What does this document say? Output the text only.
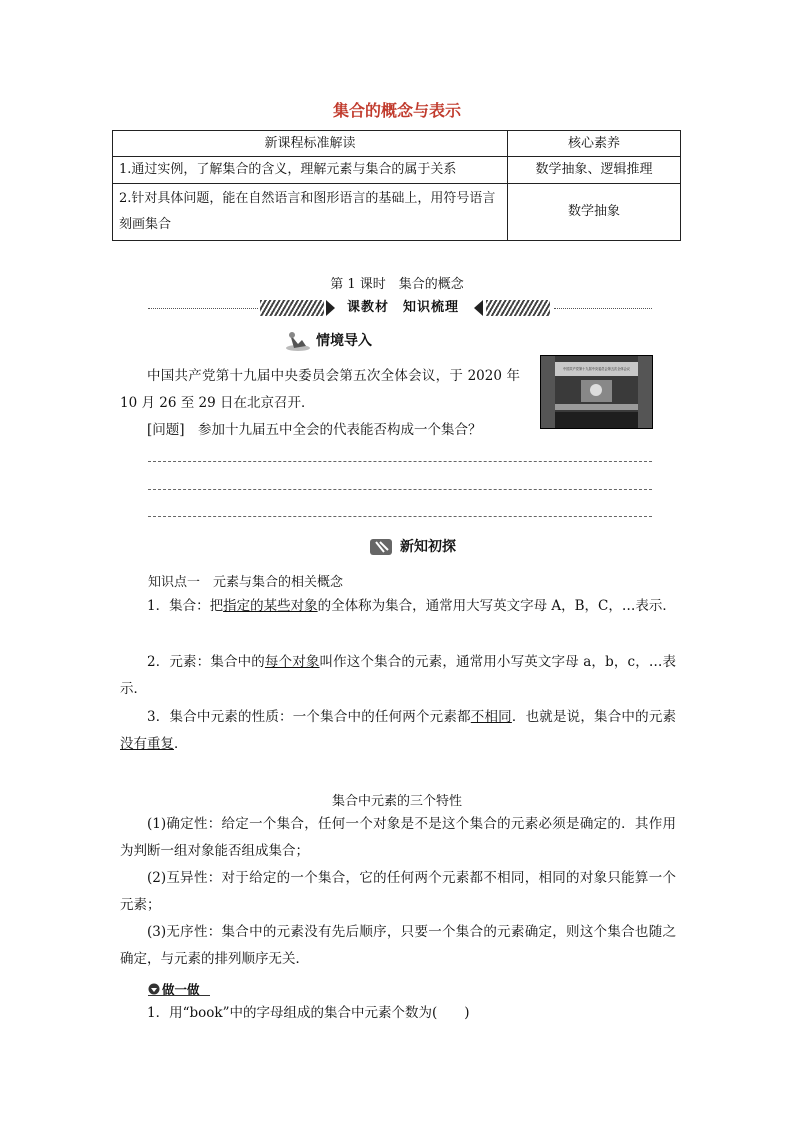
集合的概念与表示
新课程标准解读	核心素养
1.通过实例，了解集合的含义，理解元素与集合的属于关系	数学抽象、逻辑推理
2.针对具体问题，能在自然语言和图形语言的基础上，用符号语言刻画集合	数学抽象
第 1 课时　集合的概念
课教材　知识梳理
情境导入

中国共产党第十九届中央委员会第五次全体会议，于 2020 年 10 月 26 至 29 日在北京召开．

中国共产党第十九届中央委员会第五次全体会议

[问题]　参加十九届五中全会的代表能否构成一个集合？

新知初探
知识点一　元素与集合的相关概念

1．集合：把指定的某些对象的全体称为集合，通常用大写英文字母 A，B，C，…表示．

2．元素：集合中的每个对象叫作这个集合的元素，通常用小写英文字母 a，b，c，…表示．

3．集合中元素的性质：一个集合中的任何两个元素都不相同．也就是说，集合中的元素没有重复．

集合中元素的三个特性

(1)确定性：给定一个集合，任何一个对象是不是这个集合的元素必须是确定的．其作用为判断一组对象能否组成集合；

(2)互异性：对于给定的一个集合，它的任何两个元素都不相同，相同的对象只能算一个元素；

(3)无序性：集合中的元素没有先后顺序，只要一个集合的元素确定，则这个集合也随之确定，与元素的排列顺序无关．

做一做

1．用“book”中的字母组成的集合中元素个数为(　　)
